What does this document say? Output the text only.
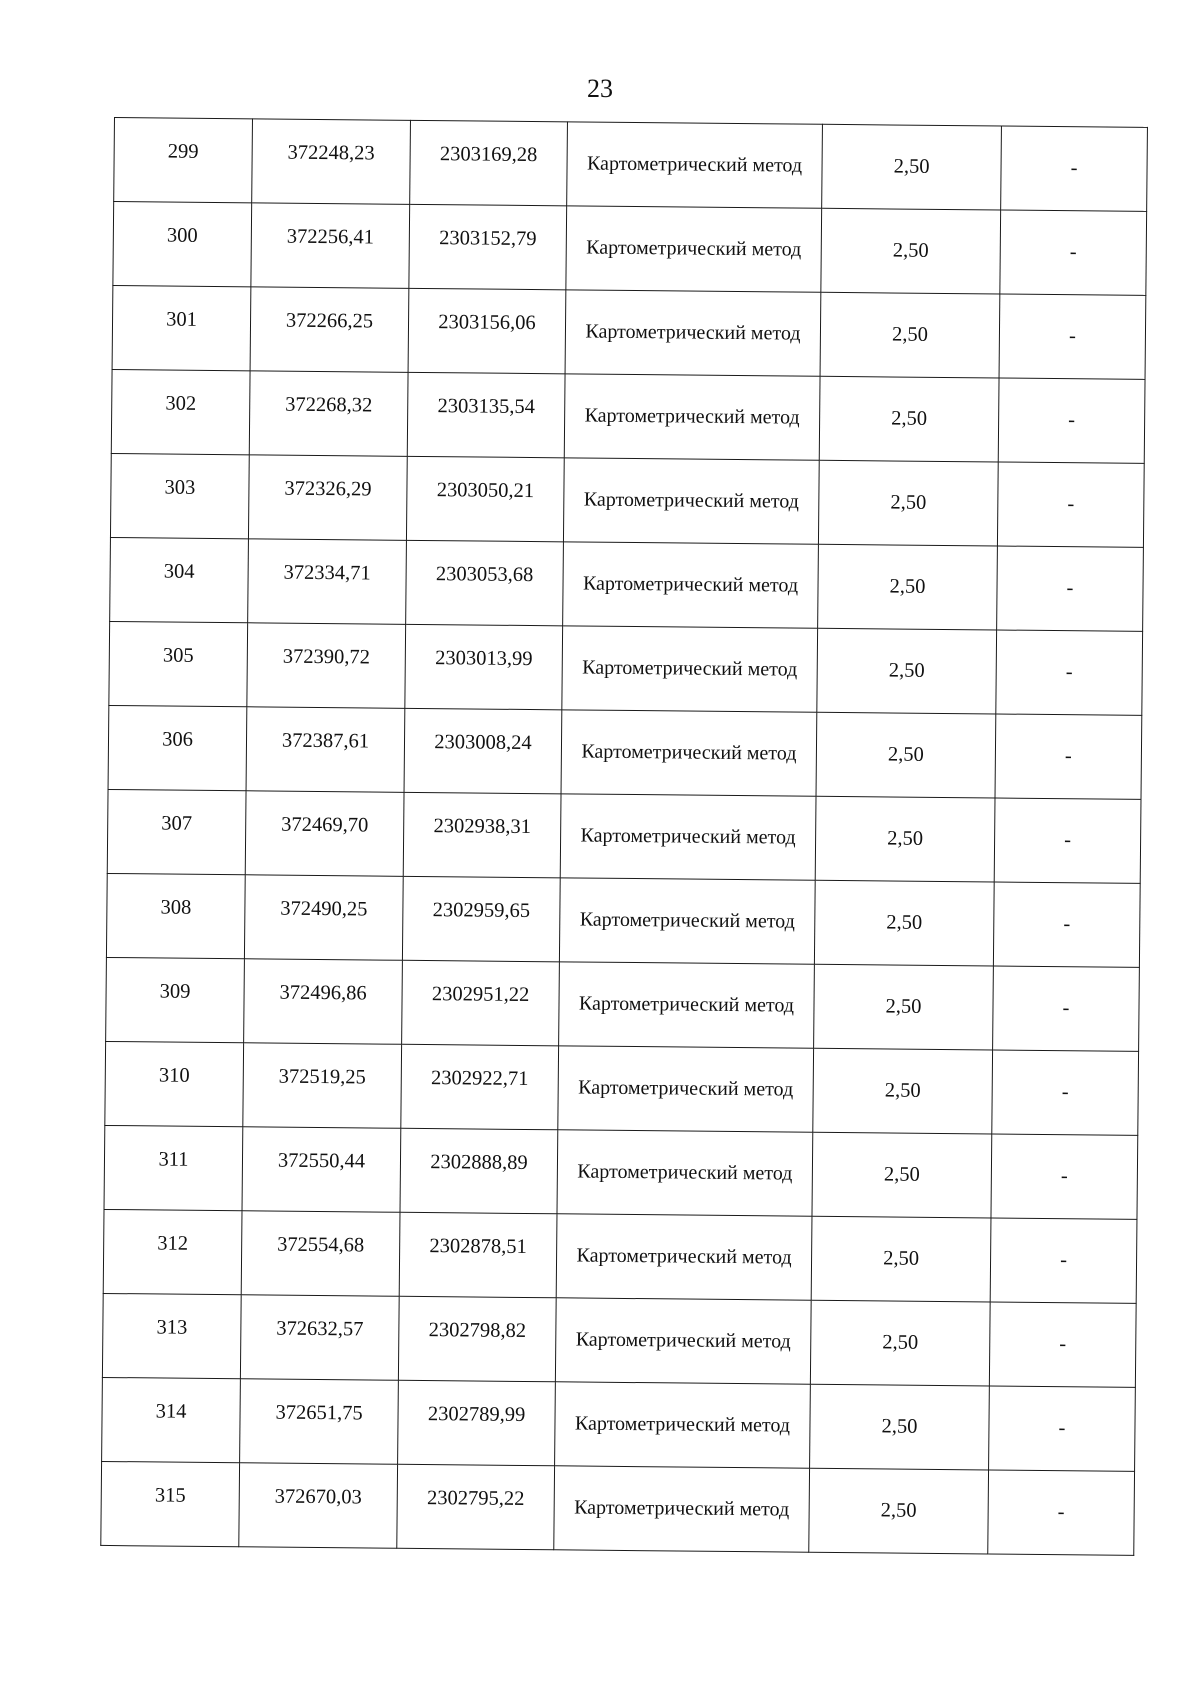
23
299	372248,23	2303169,28	Картометрический метод	2,50	-
300	372256,41	2303152,79	Картометрический метод	2,50	-
301	372266,25	2303156,06	Картометрический метод	2,50	-
302	372268,32	2303135,54	Картометрический метод	2,50	-
303	372326,29	2303050,21	Картометрический метод	2,50	-
304	372334,71	2303053,68	Картометрический метод	2,50	-
305	372390,72	2303013,99	Картометрический метод	2,50	-
306	372387,61	2303008,24	Картометрический метод	2,50	-
307	372469,70	2302938,31	Картометрический метод	2,50	-
308	372490,25	2302959,65	Картометрический метод	2,50	-
309	372496,86	2302951,22	Картометрический метод	2,50	-
310	372519,25	2302922,71	Картометрический метод	2,50	-
311	372550,44	2302888,89	Картометрический метод	2,50	-
312	372554,68	2302878,51	Картометрический метод	2,50	-
313	372632,57	2302798,82	Картометрический метод	2,50	-
314	372651,75	2302789,99	Картометрический метод	2,50	-
315	372670,03	2302795,22	Картометрический метод	2,50	-
